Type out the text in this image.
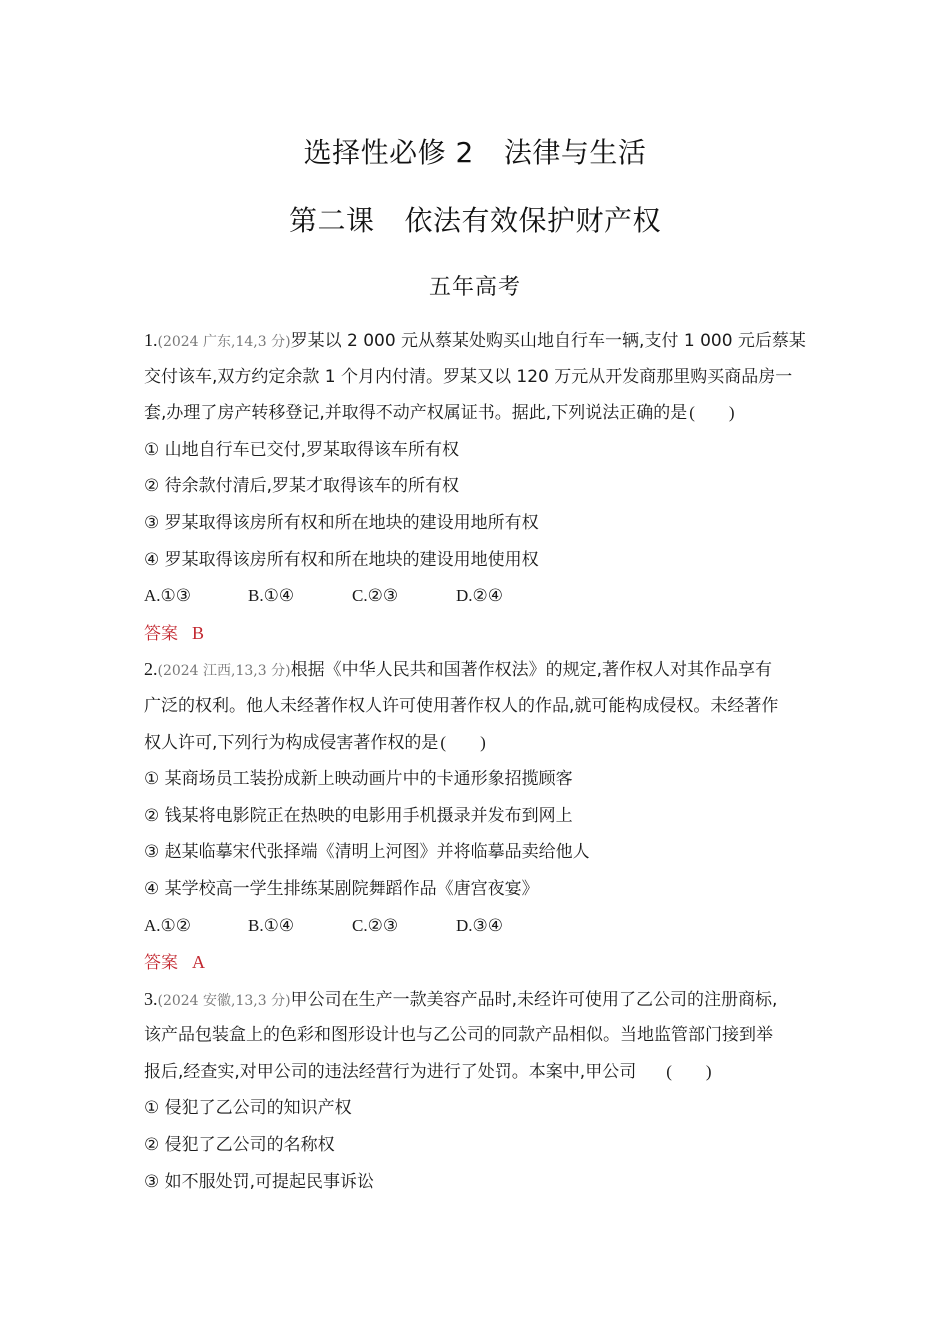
选择性必修 2 法律与生活
第二课 依法有效保护财产权
五年高考
1.(2024 广东,14,3 分)罗某以 2 000 元从蔡某处购买山地自行车一辆,支付 1 000 元后蔡某
交付该车,双方约定余款 1 个月内付清。罗某又以 120 万元从开发商那里购买商品房一
套,办理了房产转移登记,并取得不动产权属证书。据此,下列说法正确的是 (　　)
① 山地自行车已交付,罗某取得该车所有权
② 待余款付清后,罗某才取得该车的所有权
③ 罗某取得该房所有权和所在地块的建设用地所有权
④ 罗某取得该房所有权和所在地块的建设用地使用权
A.①③	B.①④	C.②③	D.②④
答案 B
2.(2024 江西,13,3 分)根据《中华人民共和国著作权法》的规定,著作权人对其作品享有
广泛的权利。他人未经著作权人许可使用著作权人的作品,就可能构成侵权。未经著作
权人许可,下列行为构成侵害著作权的是 (　　)
① 某商场员工装扮成新上映动画片中的卡通形象招揽顾客
② 钱某将电影院正在热映的电影用手机摄录并发布到网上
③ 赵某临摹宋代张择端《清明上河图》并将临摹品卖给他人
④ 某学校高一学生排练某剧院舞蹈作品《唐宫夜宴》
A.①②	B.①④	C.②③	D.③④
答案 A
3.(2024 安徽,13,3 分)甲公司在生产一款美容产品时,未经许可使用了乙公司的注册商标,
该产品包装盒上的色彩和图形设计也与乙公司的同款产品相似。当地监管部门接到举
报后,经查实,对甲公司的违法经营行为进行了处罚。本案中,甲公司 (　　)
① 侵犯了乙公司的知识产权
② 侵犯了乙公司的名称权
③ 如不服处罚,可提起民事诉讼
